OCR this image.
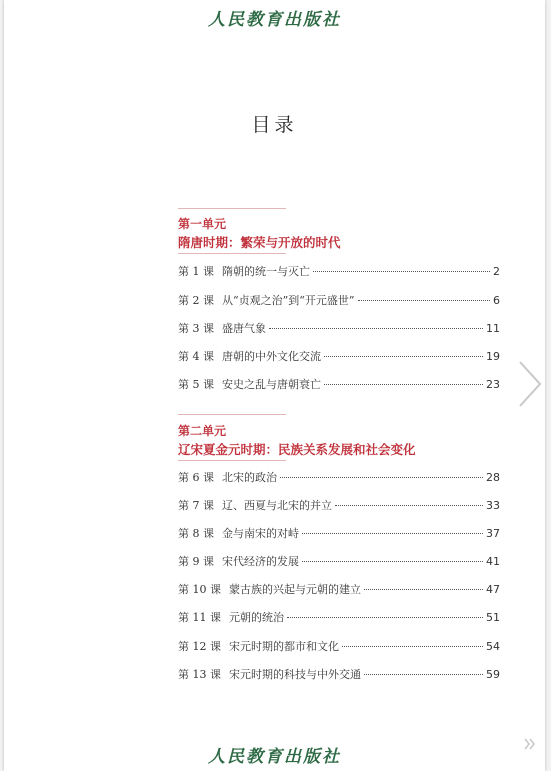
人民教育出版社
目录
第一单元
隋唐时期：繁荣与开放的时代
第 1 课 隋朝的统一与灭亡	2
第 2 课 从“贞观之治”到“开元盛世”	6
第 3 课 盛唐气象	11
第 4 课 唐朝的中外文化交流	19
第 5 课 安史之乱与唐朝衰亡	23
第二单元
辽宋夏金元时期：民族关系发展和社会变化
第 6 课 北宋的政治	28
第 7 课 辽、西夏与北宋的并立	33
第 8 课 金与南宋的对峙	37
第 9 课 宋代经济的发展	41
第 10 课 蒙古族的兴起与元朝的建立	47
第 11 课 元朝的统治	51
第 12 课 宋元时期的都市和文化	54
第 13 课 宋元时期的科技与中外交通	59
人民教育出版社
